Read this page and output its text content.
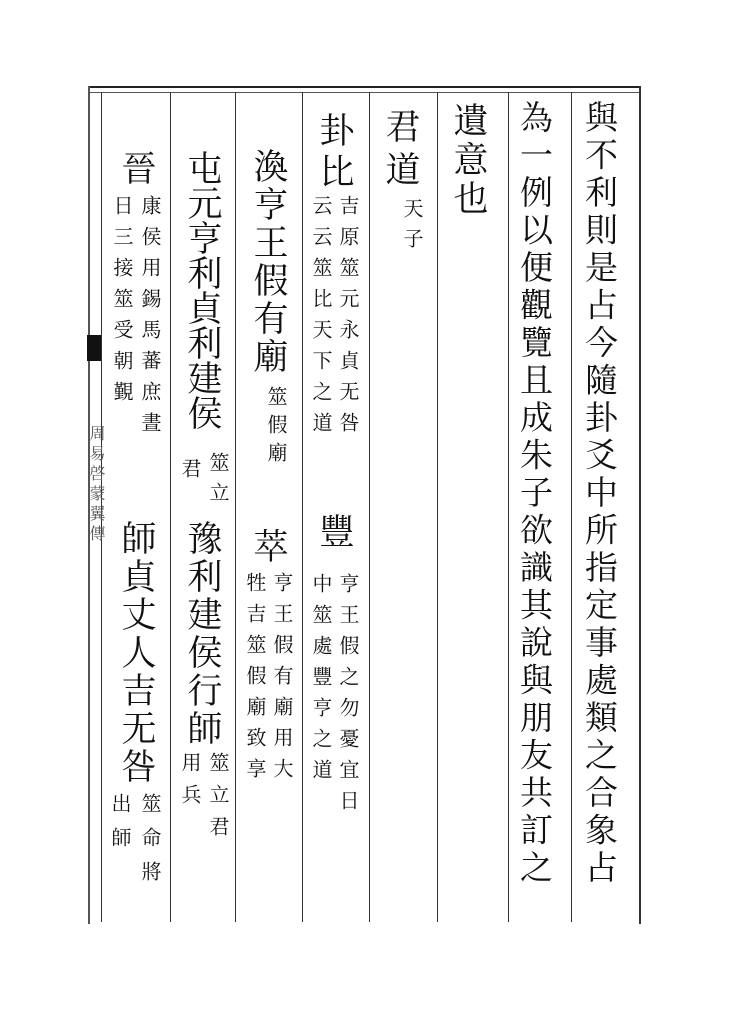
與不利則是占今隨卦爻中所指定事處類之合象占
為一例以便觀覽且成朱子欲識其說與朋友共訂之
遺意也
君道
天子
卦比
吉原筮元永貞无咎
云云筮比天下之道
豐
亨王假之勿憂宜日
中筮處豐亨之道
渙亨王假有廟
筮假廟
萃
亨王假有廟用大
牲吉筮假廟致享
屯元亨利貞利建侯
筮立
君
豫利建侯行師
筮立君
用兵
晉
康侯用錫馬蕃庶晝
日三接筮受朝覲
師貞丈人吉无咎
筮命將
出師
周易啓蒙翼傳
